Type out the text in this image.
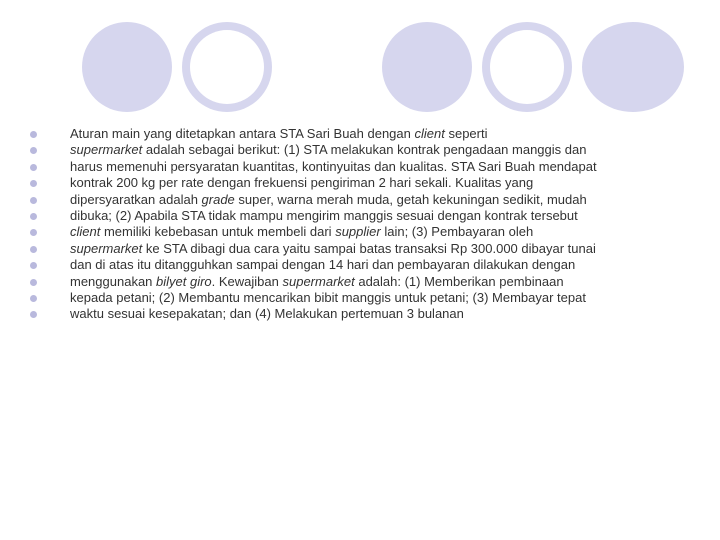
Aturan main yang ditetapkan antara STA Sari Buah dengan client seperti
supermarket adalah sebagai berikut: (1) STA melakukan kontrak pengadaan manggis dan
harus memenuhi persyaratan kuantitas, kontinyuitas dan kualitas. STA Sari Buah mendapat
kontrak 200 kg per rate dengan frekuensi pengiriman 2 hari sekali. Kualitas yang
dipersyaratkan adalah grade super, warna merah muda, getah kekuningan sedikit, mudah
dibuka; (2) Apabila STA tidak mampu mengirim manggis sesuai dengan kontrak tersebut
client memiliki kebebasan untuk membeli dari supplier lain; (3) Pembayaran oleh
supermarket ke STA dibagi dua cara yaitu sampai batas transaksi Rp 300.000 dibayar tunai
dan di atas itu ditangguhkan sampai dengan 14 hari dan pembayaran dilakukan dengan
menggunakan bilyet giro. Kewajiban supermarket adalah: (1) Memberikan pembinaan
kepada petani; (2) Membantu mencarikan bibit manggis untuk petani; (3) Membayar tepat
waktu sesuai kesepakatan; dan (4) Melakukan pertemuan 3 bulanan
